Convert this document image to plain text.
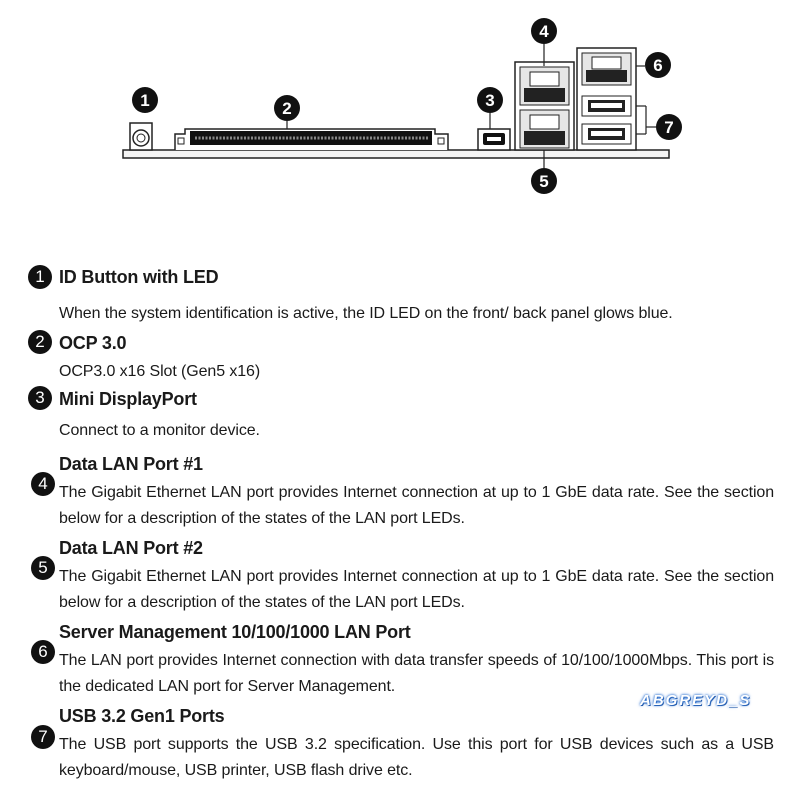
1	2	3
4
5
6
7
1 ID Button with LED
When the system identification is active, the ID LED on the front/ back panel glows blue.
2 OCP 3.0
OCP3.0 x16 Slot (Gen5 x16)
3 Mini DisplayPort
Connect to a monitor device.
4
Data LAN Port #1
The Gigabit Ethernet LAN port provides Internet connection at up to 1 GbE data rate. See the section below for a description of the states of the LAN port LEDs.
5
Data LAN Port #2
The Gigabit Ethernet LAN port provides Internet connection at up to 1 GbE data rate. See the section below for a description of the states of the LAN port LEDs.
6
Server Management 10/100/1000 LAN Port
The LAN port provides Internet connection with data transfer speeds of 10/100/1000Mbps. This port is the dedicated LAN port for Server Management.
7
USB 3.2 Gen1 Ports
The USB port supports the USB 3.2 specification. Use this port for USB devices such as a USB keyboard/mouse, USB printer, USB flash drive etc.
ABGREYD_S
